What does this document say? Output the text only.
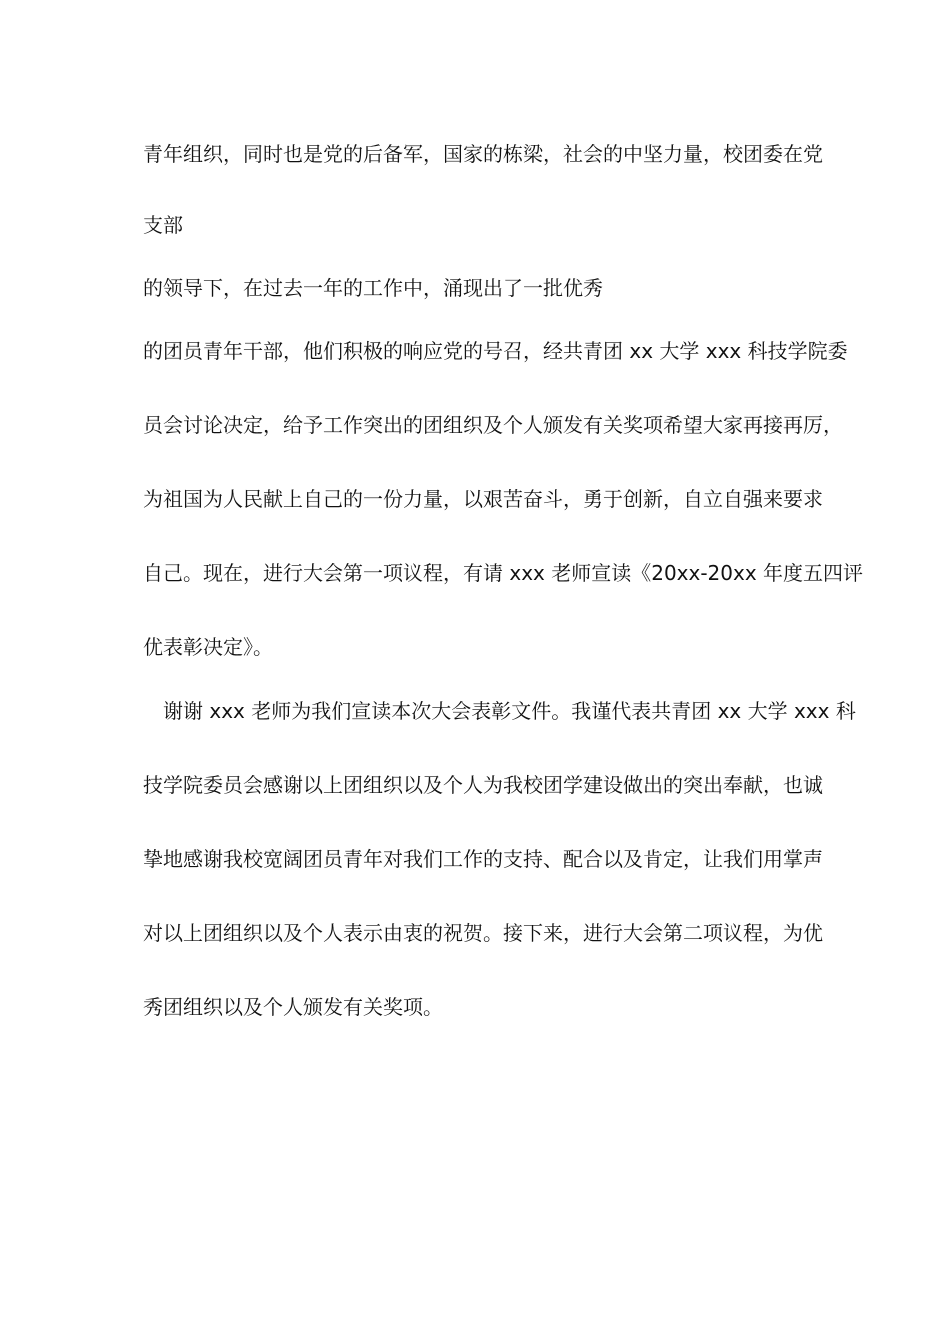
青年组织，同时也是党的后备军，国家的栋梁，社会的中坚力量，校团委在党

支部

的领导下，在过去一年的工作中，涌现出了一批优秀

的团员青年干部，他们积极的响应党的号召，经共青团 xx 大学 xxx 科技学院委

员会讨论决定，给予工作突出的团组织及个人颁发有关奖项希望大家再接再厉，

为祖国为人民献上自己的一份力量，以艰苦奋斗，勇于创新，自立自强来要求

自己。现在，进行大会第一项议程，有请 xxx 老师宣读《20xx-20xx 年度五四评

优表彰决定》。

谢谢 xxx 老师为我们宣读本次大会表彰文件。我谨代表共青团 xx 大学 xxx 科

技学院委员会感谢以上团组织以及个人为我校团学建设做出的突出奉献，也诚

挚地感谢我校宽阔团员青年对我们工作的支持、配合以及肯定，让我们用掌声

对以上团组织以及个人表示由衷的祝贺。接下来，进行大会第二项议程，为优

秀团组织以及个人颁发有关奖项。
